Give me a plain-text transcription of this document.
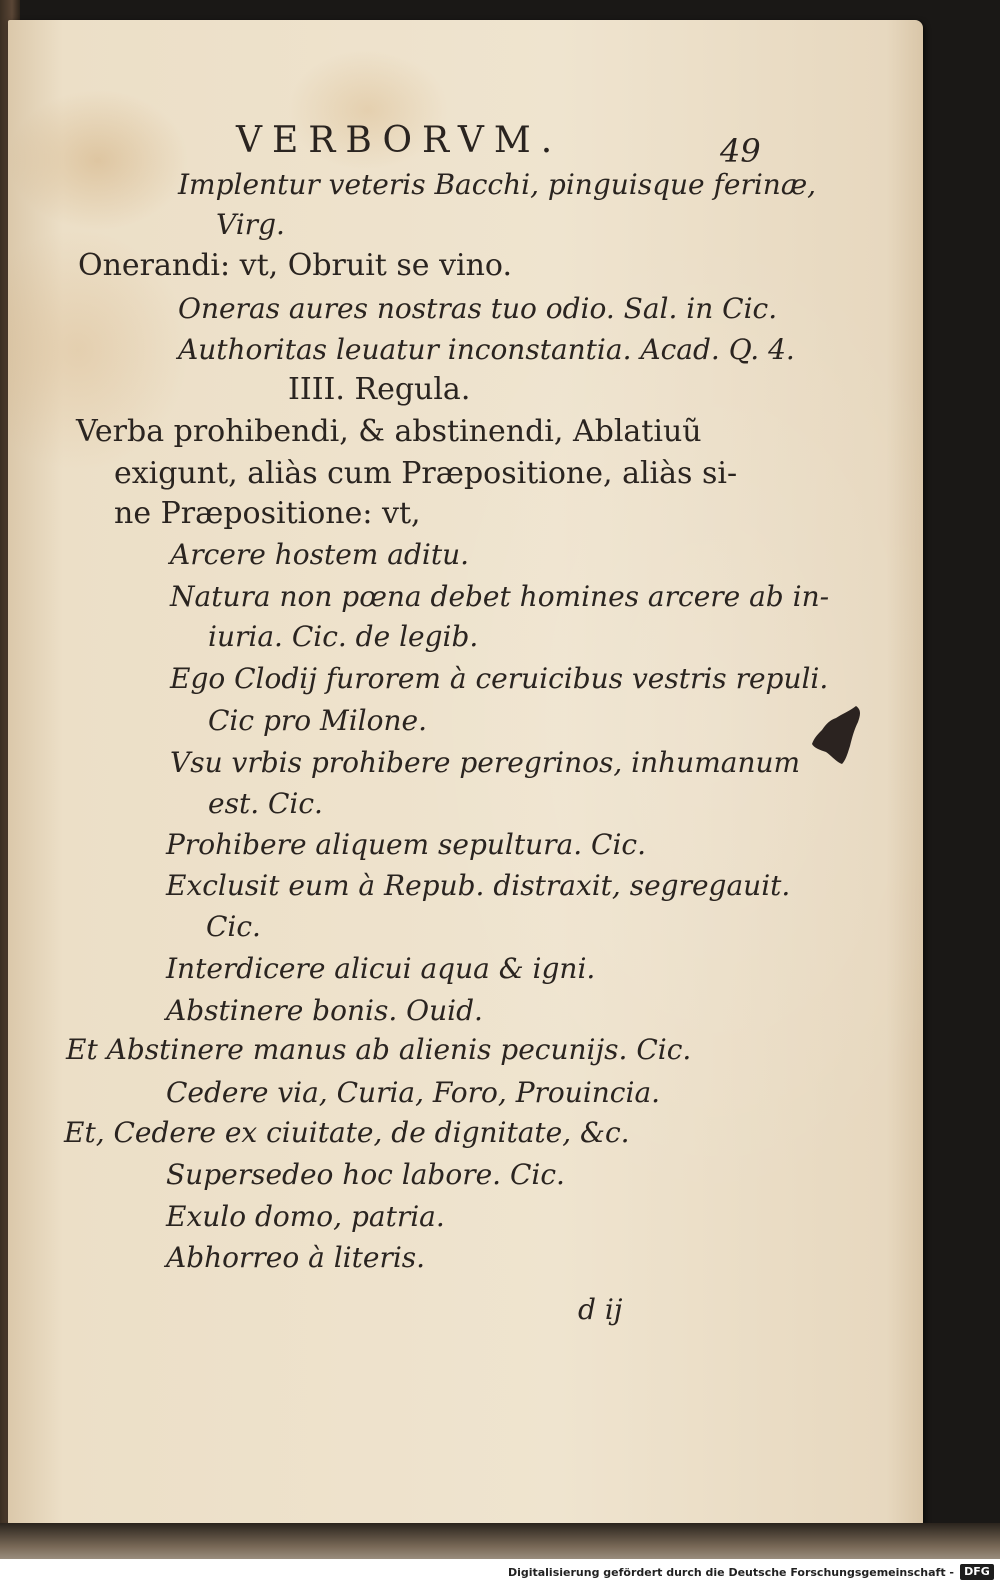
VERBORVM.	49
Implentur veteris Bacchi, pinguisque ferinæ,
Virg.
Onerandi: vt, Obruit se vino.
Oneras aures nostras tuo odio. Sal. in Cic.
Authoritas leuatur inconstantia. Acad. Q. 4.
IIII. Regula.
Verba prohibendi, & abstinendi, Ablatiuũ
exigunt, aliàs cum Præpositione, aliàs si-
ne Præpositione: vt,
Arcere hostem aditu.
Natura non pœna debet homines arcere ab in-
iuria. Cic. de legib.
Ego Clodij furorem à ceruicibus vestris repuli.
Cic pro Milone.
Vsu vrbis prohibere peregrinos, inhumanum
est. Cic.
Prohibere aliquem sepultura. Cic.
Exclusit eum à Repub. distraxit, segregauit.
Cic.
Interdicere alicui aqua & igni.
Abstinere bonis. Ouid.
Et Abstinere manus ab alienis pecunijs. Cic.
Cedere via, Curia, Foro, Prouincia.
Et, Cedere ex ciuitate, de dignitate, &c.
Supersedeo hoc labore. Cic.
Exulo domo, patria.
Abhorreo à literis.
d ij
Digitalisierung gefördert durch die Deutsche Forschungsgemeinschaft - DFG
